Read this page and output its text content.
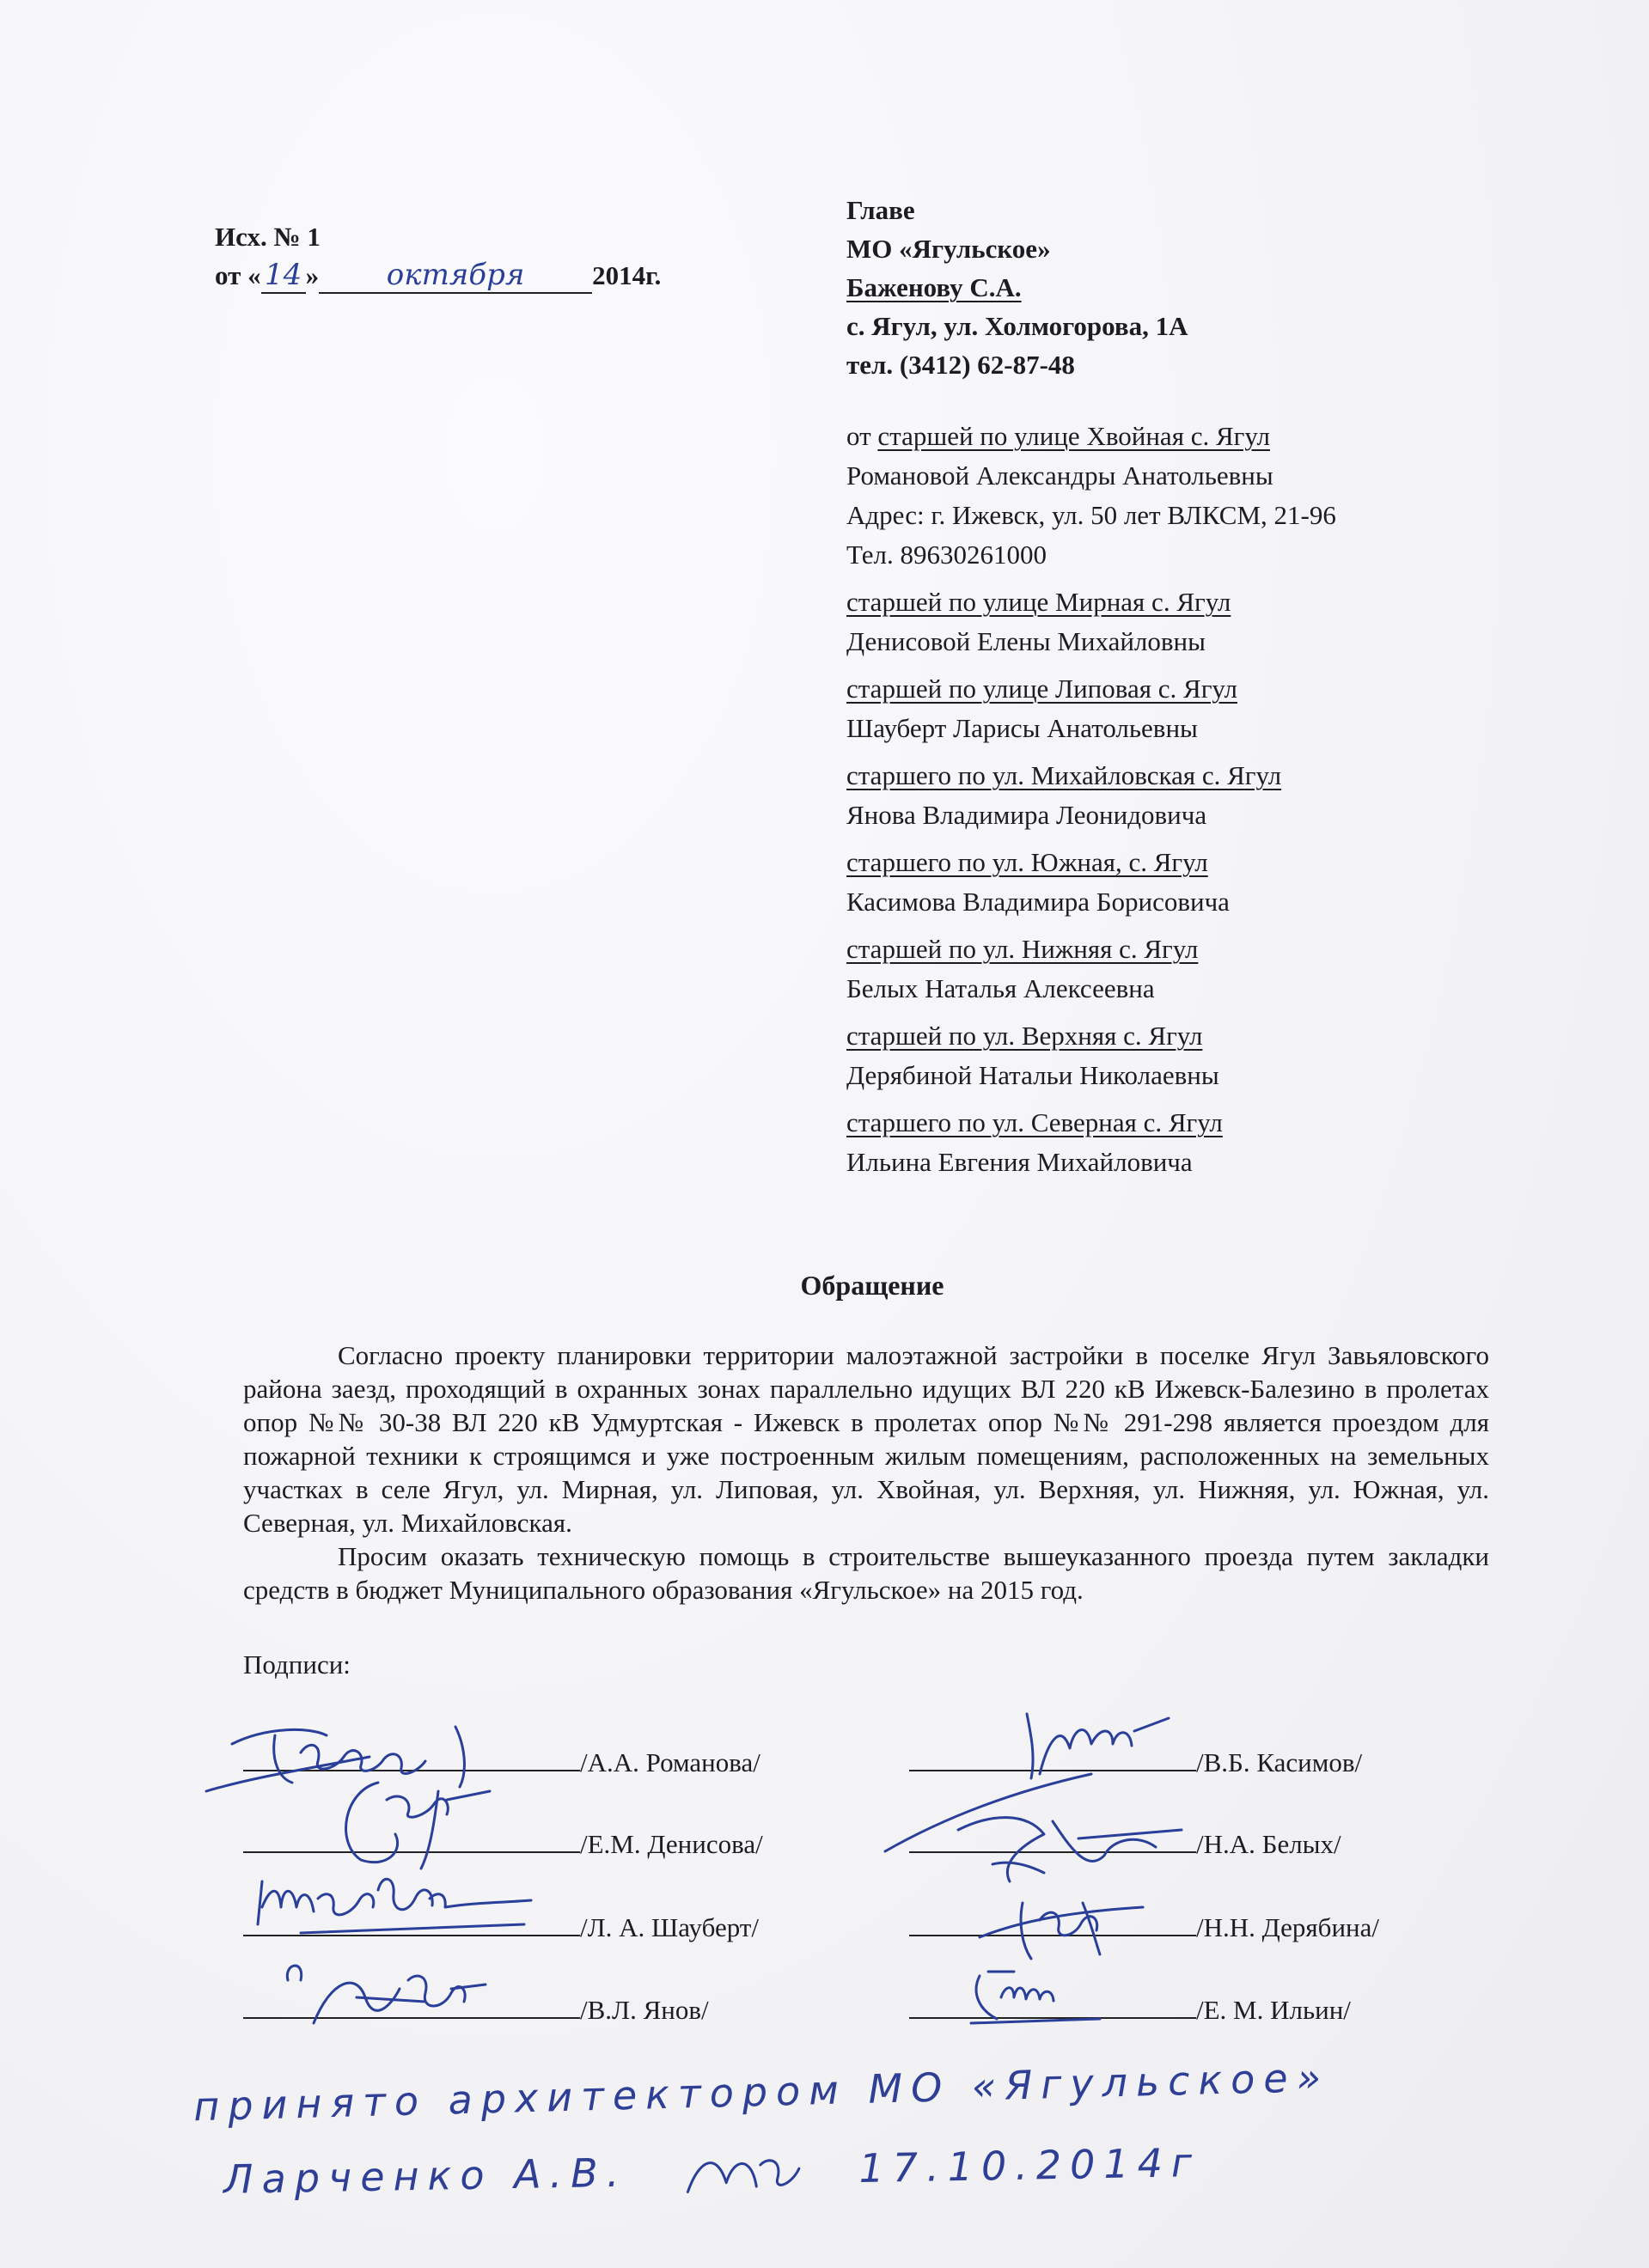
Исх. № 1
от « 14 » октября	2014г.
Главе
МО «Ягульское»
Баженову С.А.
с. Ягул, ул. Холмогорова, 1А
тел. (3412) 62-87-48
от старшей по улице Хвойная с. Ягул
Романовой Александры Анатольевны
Адрес: г. Ижевск, ул. 50 лет ВЛКСМ, 21-96
Тел. 89630261000
старшей по улице Мирная с. Ягул
Денисовой Елены Михайловны
старшей по улице Липовая с. Ягул
Шауберт Ларисы Анатольевны
старшего по ул. Михайловская с. Ягул
Янова Владимира Леонидовича
старшего по ул. Южная, с. Ягул
Касимова Владимира Борисовича
старшей по ул. Нижняя с. Ягул
Белых Наталья Алексеевна
старшей по ул. Верхняя с. Ягул
Дерябиной Натальи Николаевны
старшего по ул. Северная с. Ягул
Ильина Евгения Михайловича
Обращение

Согласно проекту планировки территории малоэтажной застройки в поселке Ягул Завьяловского района заезд, проходящий в охранных зонах параллельно идущих ВЛ 220 кВ Ижевск-Балезино в пролетах опор №№ 30-38 ВЛ 220 кВ Удмуртская - Ижевск в пролетах опор №№ 291-298 является проездом для пожарной техники к строящимся и уже построенным жилым помещениям, расположенных на земельных участках в селе Ягул, ул. Мирная, ул. Липовая, ул. Хвойная, ул. Верхняя, ул. Нижняя, ул. Южная, ул. Северная, ул. Михайловская.

Просим оказать техническую помощь в строительстве вышеуказанного проезда путем закладки средств в бюджет Муниципального образования «Ягульское» на 2015 год.

Подписи:
/А.А. Романова/
/Е.М. Денисова/
/Л. А. Шауберт/
/В.Л. Янов/
/В.Б. Касимов/
/Н.А. Белых/
/Н.Н. Дерябина/
/Е. М. Ильин/
принято архитектором МО «Ягульское»
Ларченко А.В.	17.10.2014г
